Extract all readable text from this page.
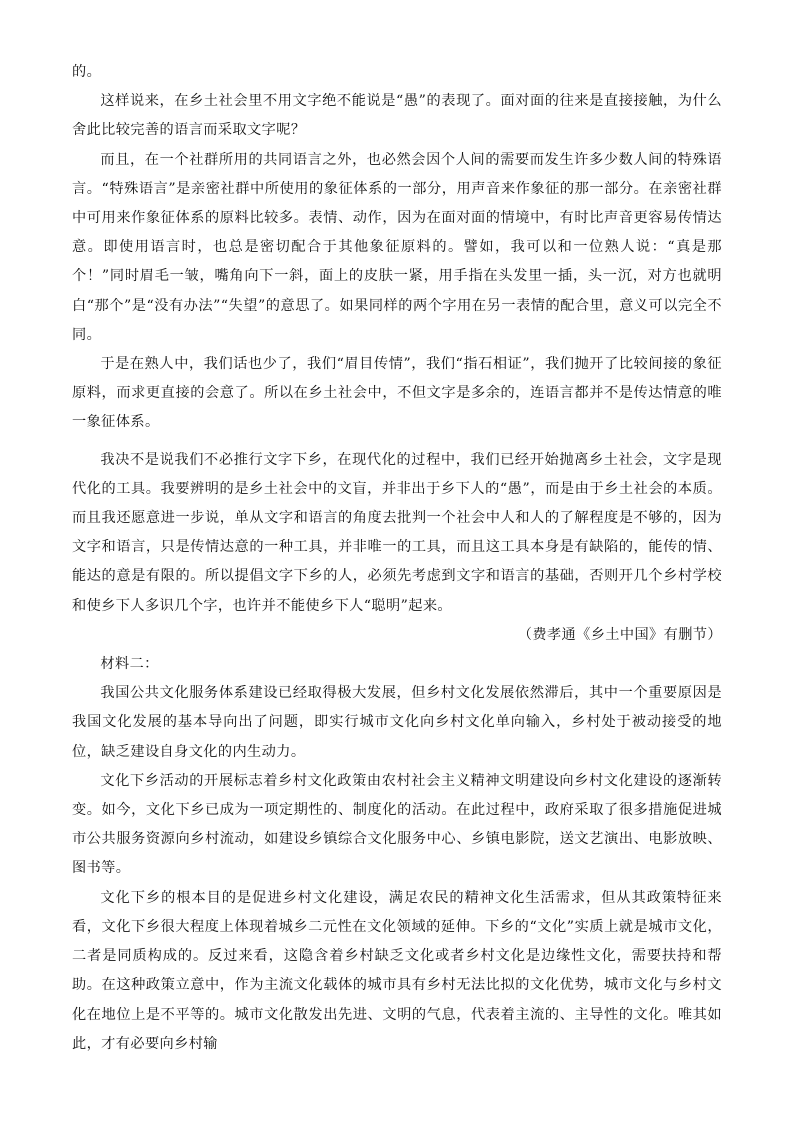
的。

这样说来，在乡土社会里不用文字绝不能说是“愚”的表现了。面对面的往来是直接接触，为什么舍此比较完善的语言而采取文字呢？

而且，在一个社群所用的共同语言之外，也必然会因个人间的需要而发生许多少数人间的特殊语言。“特殊语言”是亲密社群中所使用的象征体系的一部分，用声音来作象征的那一部分。在亲密社群中可用来作象征体系的原料比较多。表情、动作，因为在面对面的情境中，有时比声音更容易传情达意。即使用语言时，也总是密切配合于其他象征原料的。譬如，我可以和一位熟人说：“真是那个！”同时眉毛一皱，嘴角向下一斜，面上的皮肤一紧，用手指在头发里一插，头一沉，对方也就明白“那个”是“没有办法”“失望”的意思了。如果同样的两个字用在另一表情的配合里，意义可以完全不同。

于是在熟人中，我们话也少了，我们“眉目传情”，我们“指石相证”，我们抛开了比较间接的象征原料，而求更直接的会意了。所以在乡土社会中，不但文字是多余的，连语言都并不是传达情意的唯一象征体系。

我决不是说我们不必推行文字下乡，在现代化的过程中，我们已经开始抛离乡土社会，文字是现代化的工具。我要辨明的是乡土社会中的文盲，并非出于乡下人的“愚”，而是由于乡土社会的本质。而且我还愿意进一步说，单从文字和语言的角度去批判一个社会中人和人的了解程度是不够的，因为文字和语言，只是传情达意的一种工具，并非唯一的工具，而且这工具本身是有缺陷的，能传的情、能达的意是有限的。所以提倡文字下乡的人，必须先考虑到文字和语言的基础，否则开几个乡村学校和使乡下人多识几个字，也许并不能使乡下人“聪明”起来。

（费孝通《乡土中国》有删节）

材料二：

我国公共文化服务体系建设已经取得极大发展，但乡村文化发展依然滞后，其中一个重要原因是我国文化发展的基本导向出了问题，即实行城市文化向乡村文化单向输入，乡村处于被动接受的地位，缺乏建设自身文化的内生动力。

文化下乡活动的开展标志着乡村文化政策由农村社会主义精神文明建设向乡村文化建设的逐渐转变。如今，文化下乡已成为一项定期性的、制度化的活动。在此过程中，政府采取了很多措施促进城市公共服务资源向乡村流动，如建设乡镇综合文化服务中心、乡镇电影院，送文艺演出、电影放映、图书等。

文化下乡的根本目的是促进乡村文化建设，满足农民的精神文化生活需求，但从其政策特征来看，文化下乡很大程度上体现着城乡二元性在文化领域的延伸。下乡的“文化”实质上就是城市文化，二者是同质构成的。反过来看，这隐含着乡村缺乏文化或者乡村文化是边缘性文化，需要扶持和帮助。在这种政策立意中，作为主流文化载体的城市具有乡村无法比拟的文化优势，城市文化与乡村文化在地位上是不平等的。城市文化散发出先进、文明的气息，代表着主流的、主导性的文化。唯其如此，才有必要向乡村输
